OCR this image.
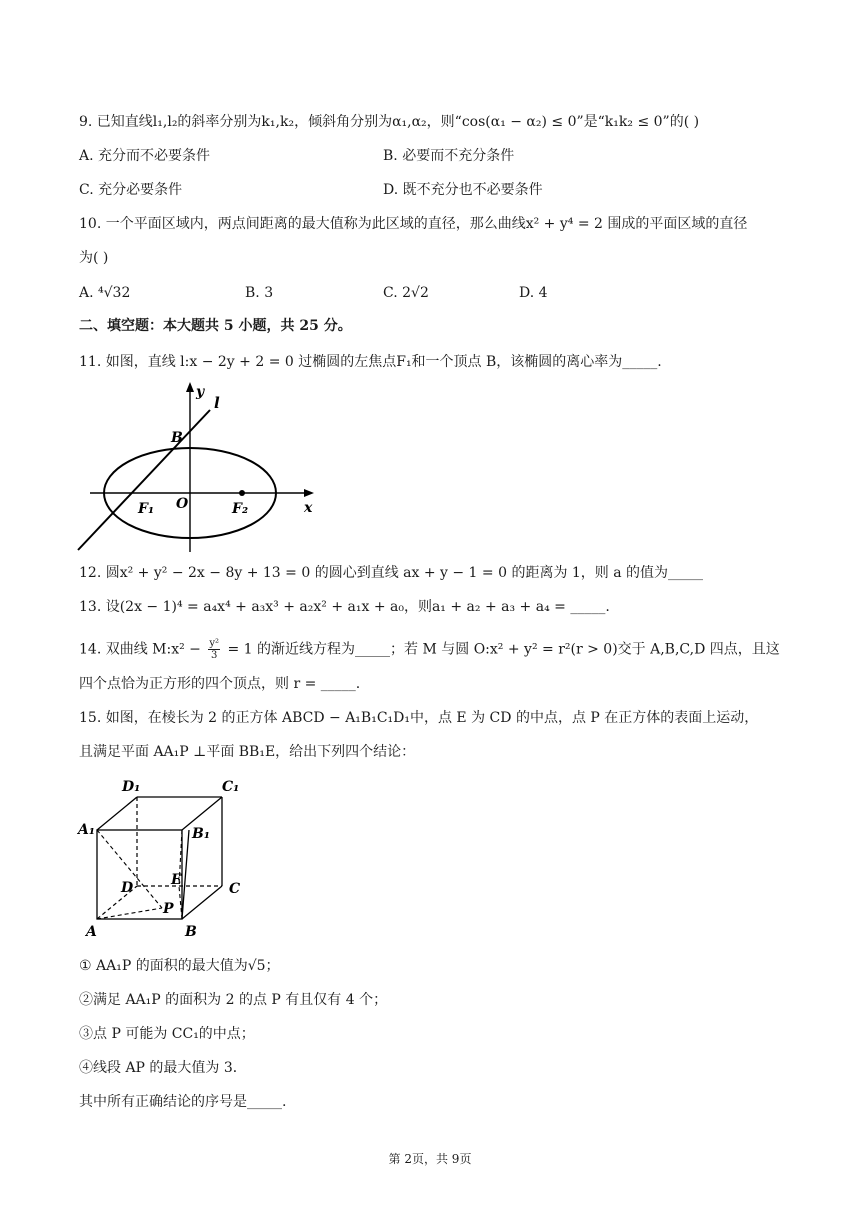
9. 已知直线l₁,l₂的斜率分别为k₁,k₂，倾斜角分别为α₁,α₂，则“cos(α₁ − α₂) ≤ 0”是“k₁k₂ ≤ 0”的( )
A. 充分而不必要条件	B. 必要而不充分条件
C. 充分必要条件	D. 既不充分也不必要条件
10. 一个平面区域内，两点间距离的最大值称为此区域的直径，那么曲线x² + y⁴ = 2 围成的平面区域的直径
为( )
A. ⁴√32	B. 3	C. 2√2	D. 4
二、填空题：本大题共 5 小题，共 25 分。
11. 如图，直线 l:x − 2y + 2 = 0 过椭圆的左焦点F₁和一个顶点 B，该椭圆的离心率为_____.
y
l
B
O
F₁	F₂	x
12. 圆x² + y² − 2x − 8y + 13 = 0 的圆心到直线 ax + y − 1 = 0 的距离为 1，则 a 的值为_____
13. 设(2x − 1)⁴ = a₄x⁴ + a₃x³ + a₂x² + a₁x + a₀，则a₁ + a₂ + a₃ + a₄ = _____.
14. 双曲线 M:x² − $\frac{\text{y²}}{3} = 1$ 的渐近线方程为_____；若 M 与圆 O:x² + y² = r²(r > 0)交于 A,B,C,D 四点，且这
四个点恰为正方形的四个顶点，则 r = _____.
15. 如图，在棱长为 2 的正方体 ABCD − A₁B₁C₁D₁中，点 E 为 CD 的中点，点 P 在正方体的表面上运动，
且满足平面 AA₁P ⊥平面 BB₁E，给出下列四个结论：
D₁	C₁
A₁	B₁
D	E
C
P
A	B
① AA₁P 的面积的最大值为√5；
②满足 AA₁P 的面积为 2 的点 P 有且仅有 4 个；
③点 P 可能为 CC₁的中点；
④线段 AP 的最大值为 3．
其中所有正确结论的序号是_____.
第 2页，共 9页
